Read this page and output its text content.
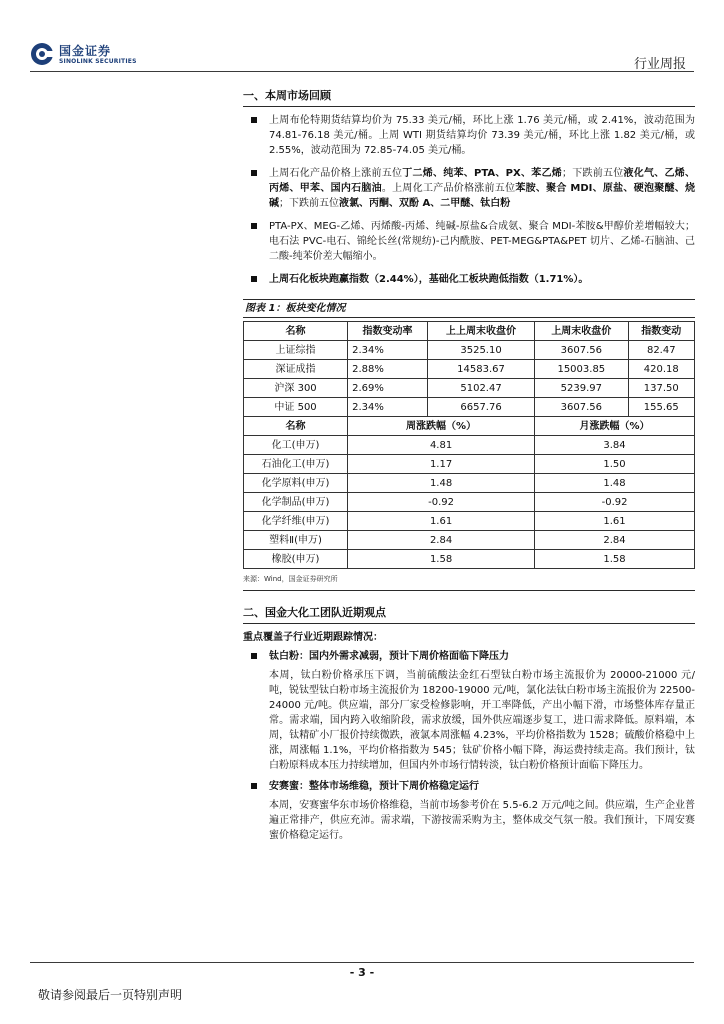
国金证券
SINOLINK SECURITIES	行业周报
一、本周市场回顾
上周布伦特期货结算均价为 75.33 美元/桶，环比上涨 1.76 美元/桶，或 2.41%，波动范围为 74.81-76.18 美元/桶。上周 WTI 期货结算均价 73.39 美元/桶，环比上涨 1.82 美元/桶，或 2.55%，波动范围为 72.85-74.05 美元/桶。
上周石化产品价格上涨前五位丁二烯、纯苯、PTA、PX、苯乙烯；下跌前五位液化气、乙烯、丙烯、甲苯、国内石脑油。上周化工产品价格涨前五位苯胺、聚合 MDI、原盐、硬泡聚醚、烧碱；下跌前五位液氯、丙酮、双酚 A、二甲醚、钛白粉
PTA-PX、MEG-乙烯、丙烯酸-丙烯、纯碱-原盐&合成氨、聚合 MDI-苯胺&甲醇价差增幅较大；电石法 PVC-电石、锦纶长丝(常规纺)-己内酰胺、PET-MEG&PTA&PET 切片、乙烯-石脑油、己二酸-纯苯价差大幅缩小。
上周石化板块跑赢指数（2.44%），基础化工板块跑低指数（1.71%）。
图表 1：板块变化情况
名称	指数变动率	上上周末收盘价	上周末收盘价	指数变动
上证综指	2.34%	3525.10	3607.56	82.47
深证成指	2.88%	14583.67	15003.85	420.18
沪深 300	2.69%	5102.47	5239.97	137.50
中证 500	2.34%	6657.76	3607.56	155.65
名称	周涨跌幅（%）		月涨跌幅（%）	
化工(申万)	4.81		3.84	
石油化工(申万)	1.17		1.50	
化学原料(申万)	1.48		1.48	
化学制品(申万)	-0.92		-0.92	
化学纤维(申万)	1.61		1.61	
塑料Ⅱ(申万)	2.84		2.84	
橡胶(申万)	1.58		1.58	
来源：Wind，国金证券研究所
二、国金大化工团队近期观点
重点覆盖子行业近期跟踪情况：
钛白粉：国内外需求减弱，预计下周价格面临下降压力
本周，钛白粉价格承压下调，当前硫酸法金红石型钛白粉市场主流报价为 20000-21000 元/吨，锐钛型钛白粉市场主流报价为 18200-19000 元/吨，氯化法钛白粉市场主流报价为 22500-24000 元/吨。供应端，部分厂家受检修影响，开工率降低，产出小幅下滑，市场整体库存量正常。需求端，国内跨入收缩阶段，需求放缓，国外供应端逐步复工，进口需求降低。原料端，本周，钛精矿小厂报价持续微跌，液氯本周涨幅 4.23%，平均价格指数为 1528；硫酸价格稳中上涨，周涨幅 1.1%，平均价格指数为 545；钛矿价格小幅下降，海运费持续走高。我们预计，钛白粉原料成本压力持续增加，但国内外市场行情转淡，钛白粉价格预计面临下降压力。
安赛蜜：整体市场维稳，预计下周价格稳定运行
本周，安赛蜜华东市场价格维稳，当前市场参考价在 5.5-6.2 万元/吨之间。供应端，生产企业普遍正常排产，供应充沛。需求端，下游按需采购为主，整体成交气氛一般。我们预计，下周安赛蜜价格稳定运行。
- 3 -
敬请参阅最后一页特别声明
